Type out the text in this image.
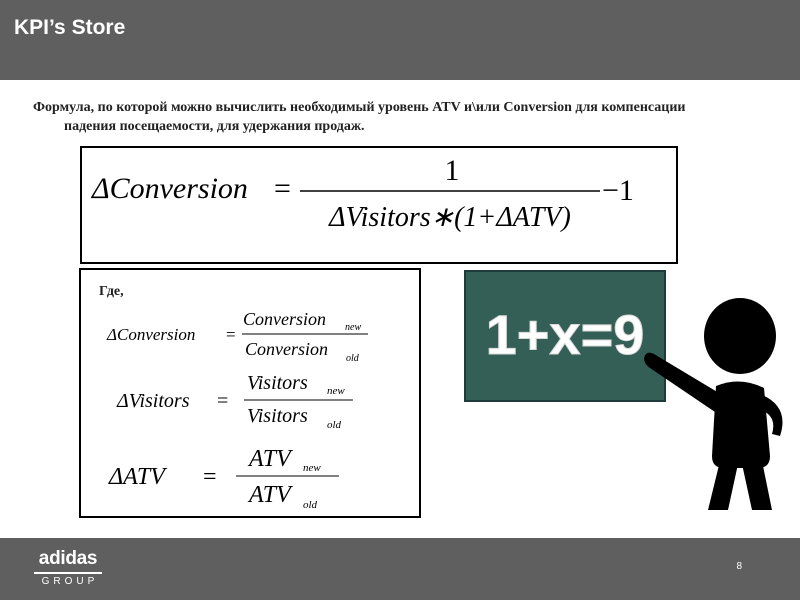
KPI’s Store
Формула, по которой можно вычислить необходимый уровень ATV и\или Conversion для компенсации
падения посещаемости, для удержания продаж.
ΔConversion =
1
ΔVisitors∗(1+ΔATV)
−1
Где,
ΔConversion =
Conversion new
Conversion old
ΔVisitors =
Visitors new
Visitors old
ΔATV =
ATV new
ATV old
1+x=9
adidas
GROUP
8
